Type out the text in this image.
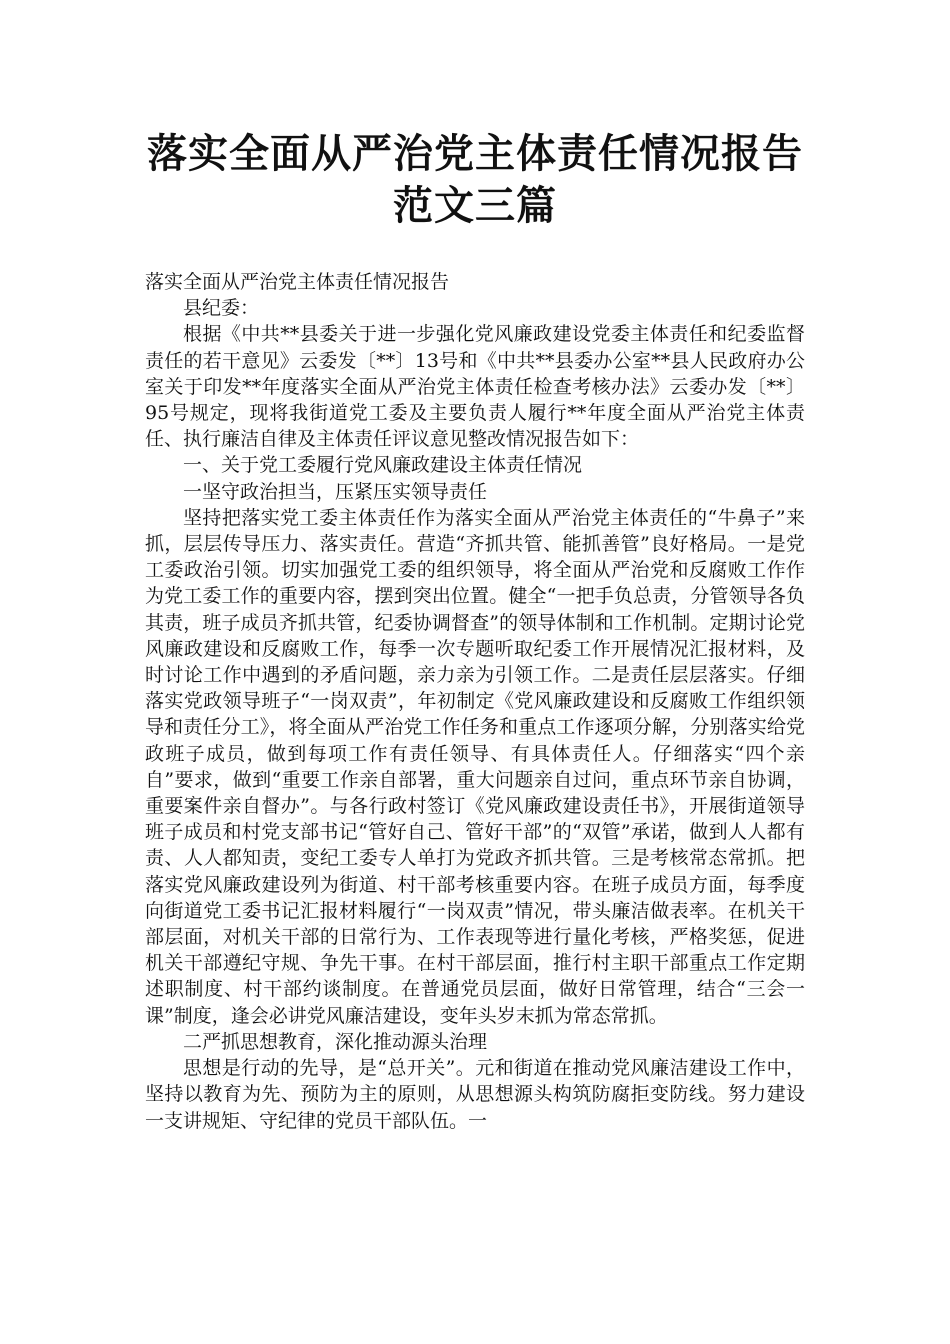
落实全面从严治党主体责任情况报告范文三篇

落实全面从严治党主体责任情况报告

县纪委：

根据《中共**县委关于进一步强化党风廉政建设党委主体责任和纪委监督责任的若干意见》云委发〔**〕13号和《中共**县委办公室**县人民政府办公室关于印发**年度落实全面从严治党主体责任检查考核办法》云委办发〔**〕95号规定，现将我街道党工委及主要负责人履行**年度全面从严治党主体责任、执行廉洁自律及主体责任评议意见整改情况报告如下：

一、关于党工委履行党风廉政建设主体责任情况

一坚守政治担当，压紧压实领导责任

坚持把落实党工委主体责任作为落实全面从严治党主体责任的“牛鼻子”来抓，层层传导压力、落实责任。营造“齐抓共管、能抓善管”良好格局。一是党工委政治引领。切实加强党工委的组织领导，将全面从严治党和反腐败工作作为党工委工作的重要内容，摆到突出位置。健全“一把手负总责，分管领导各负其责，班子成员齐抓共管，纪委协调督查”的领导体制和工作机制。定期讨论党风廉政建设和反腐败工作，每季一次专题听取纪委工作开展情况汇报材料，及时讨论工作中遇到的矛盾问题，亲力亲为引领工作。二是责任层层落实。仔细落实党政领导班子“一岗双责”，年初制定《党风廉政建设和反腐败工作组织领导和责任分工》，将全面从严治党工作任务和重点工作逐项分解，分别落实给党政班子成员，做到每项工作有责任领导、有具体责任人。仔细落实“四个亲自”要求，做到“重要工作亲自部署，重大问题亲自过问，重点环节亲自协调，重要案件亲自督办”。与各行政村签订《党风廉政建设责任书》，开展街道领导班子成员和村党支部书记“管好自己、管好干部”的“双管”承诺，做到人人都有责、人人都知责，变纪工委专人单打为党政齐抓共管。三是考核常态常抓。把落实党风廉政建设列为街道、村干部考核重要内容。在班子成员方面，每季度向街道党工委书记汇报材料履行“一岗双责”情况，带头廉洁做表率。在机关干部层面，对机关干部的日常行为、工作表现等进行量化考核，严格奖惩，促进机关干部遵纪守规、争先干事。在村干部层面，推行村主职干部重点工作定期述职制度、村干部约谈制度。在普通党员层面，做好日常管理，结合“三会一课”制度，逢会必讲党风廉洁建设，变年头岁末抓为常态常抓。

二严抓思想教育，深化推动源头治理

思想是行动的先导，是“总开关”。元和街道在推动党风廉洁建设工作中，坚持以教育为先、预防为主的原则，从思想源头构筑防腐拒变防线。努力建设一支讲规矩、守纪律的党员干部队伍。一
